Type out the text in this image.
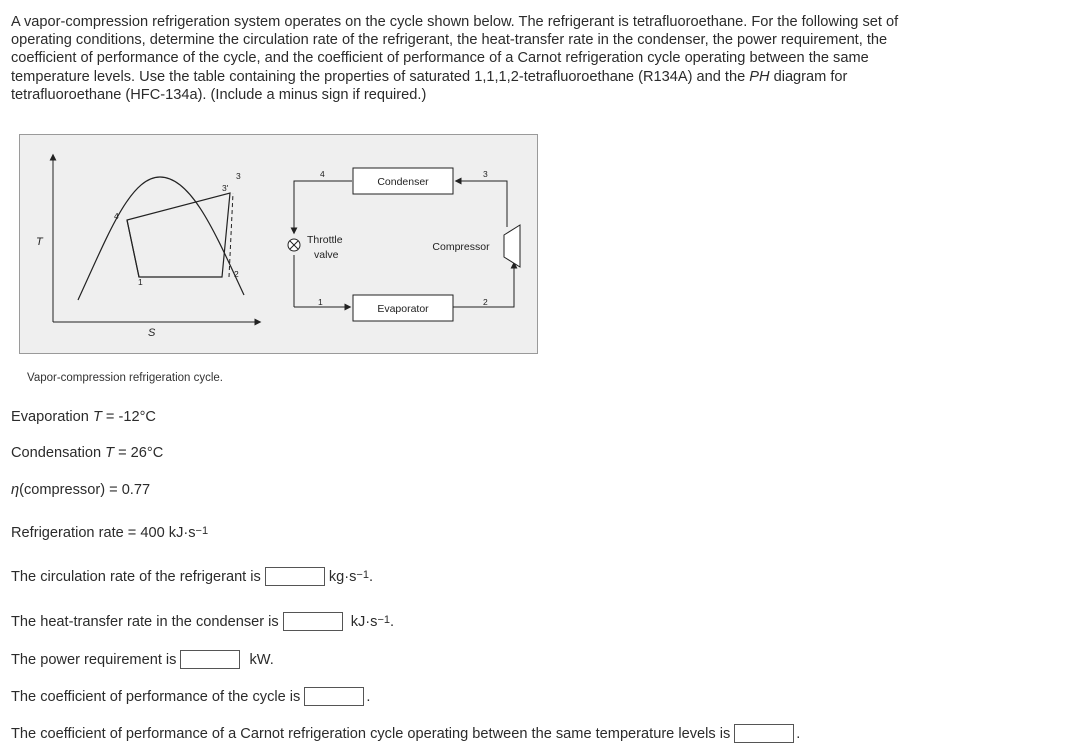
A vapor-compression refrigeration system operates on the cycle shown below. The refrigerant is tetrafluoroethane. For the following set of operating conditions, determine the circulation rate of the refrigerant, the heat-transfer rate in the condenser, the power requirement, the coefficient of performance of the cycle, and the coefficient of performance of a Carnot refrigeration cycle operating between the same temperature levels. Use the table containing the properties of saturated 1,1,1,2-tetrafluoroethane (R134A) and the PH diagram for tetrafluoroethane (HFC-134a). (Include a minus sign if required.)
T
S
4
1
2
3
3'	Condenser
Evaporator
Compressor
Throttle
valve
4	3
1	2
Vapor-compression refrigeration cycle.
Evaporation T = -12°C
Condensation T = 26°C
η(compressor) = 0.77
Refrigeration rate = 400 $kJ\cdot s^{-1}$
The circulation rate of the refrigerant is	$kg\cdot s^{-1}$.
The heat-transfer rate in the condenser is	$kJ\cdot s^{-1}$.
The power requirement is	kW.
The coefficient of performance of the cycle is	.
The coefficient of performance of a Carnot refrigeration cycle operating between the same temperature levels is	.
